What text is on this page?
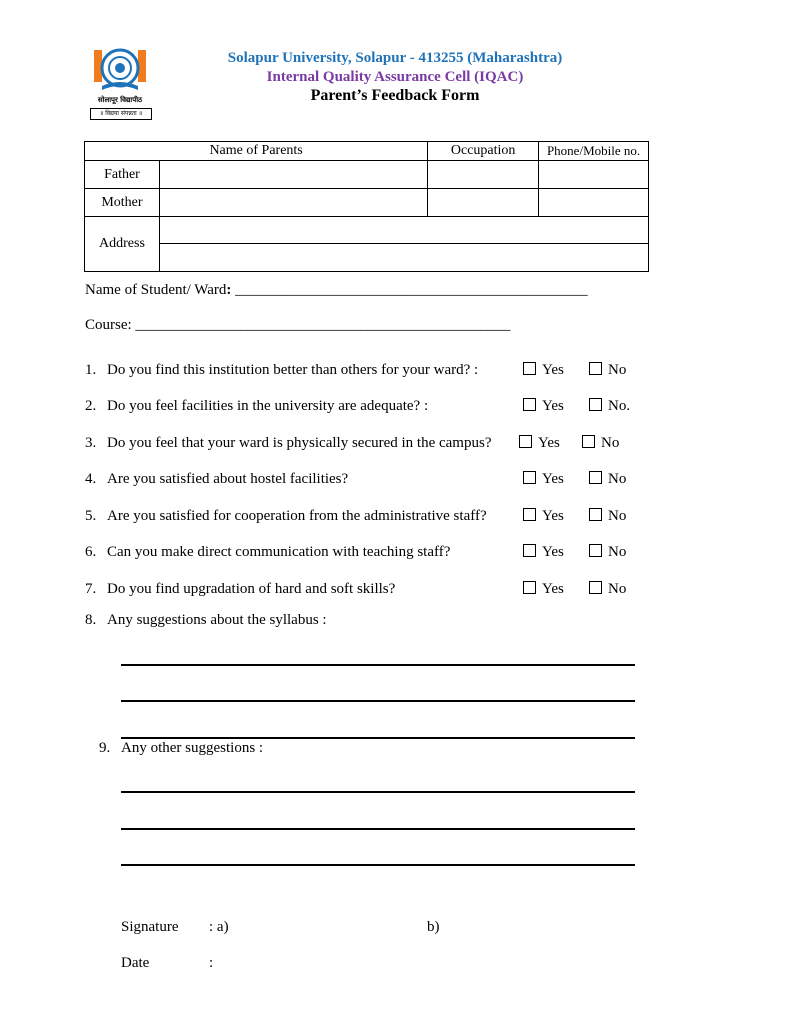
सोलापूर विद्यापीठ
॥ विद्यया संपन्नता ॥
Solapur University, Solapur - 413255 (Maharashtra)
Internal Quality Assurance Cell (IQAC)
Parent’s Feedback Form
Name of Parents		Occupation	Phone/Mobile no.
Father			
Mother			
Address			
Name of Student/ Ward: _______________________________________________
Course: __________________________________________________
1. Do you find this institution better than others for your ward? :	Yes	No
2. Do you feel facilities in the university are adequate? :	Yes	No.
3. Do you feel that your ward is physically secured in the campus?	Yes	No
4. Are you satisfied about hostel facilities?	Yes	No
5. Are you satisfied for cooperation from the administrative staff?	Yes	No
6. Can you make direct communication with teaching staff?	Yes	No
7. Do you find upgradation of hard and soft skills?	Yes	No
8. Any suggestions about the syllabus :
9. Any other suggestions :
Signature : a)	b)
Date	:
